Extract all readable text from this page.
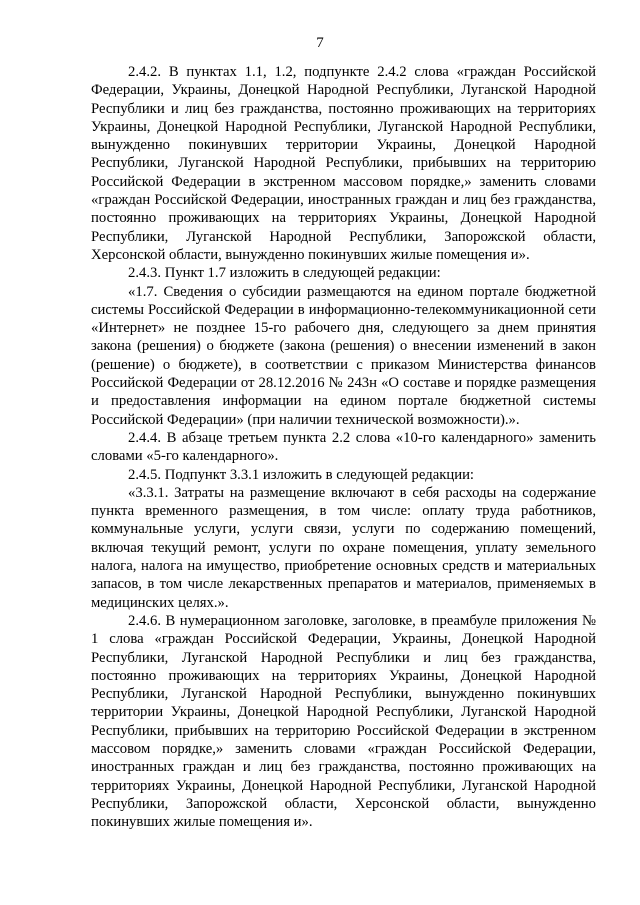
7

2.4.2. В пунктах 1.1, 1.2, подпункте 2.4.2 слова «граждан Российской Федерации, Украины, Донецкой Народной Республики, Луганской Народной Республики и лиц без гражданства, постоянно проживающих на территориях Украины, Донецкой Народной Республики, Луганской Народной Республики, вынужденно покинувших территории Украины, Донецкой Народной Республики, Луганской Народной Республики, прибывших на территорию Российской Федерации в экстренном массовом порядке,» заменить словами «граждан Российской Федерации, иностранных граждан и лиц без гражданства, постоянно проживающих на территориях Украины, Донецкой Народной Республики, Луганской Народной Республики, Запорожской области, Херсонской области, вынужденно покинувших жилые помещения и».

2.4.3. Пункт 1.7 изложить в следующей редакции:

«1.7. Сведения о субсидии размещаются на едином портале бюджетной системы Российской Федерации в информационно-телекоммуникационной сети «Интернет» не позднее 15-го рабочего дня, следующего за днем принятия закона (решения) о бюджете (закона (решения) о внесении изменений в закон (решение) о бюджете), в соответствии с приказом Министерства финансов Российской Федерации от 28.12.2016 № 243н «О составе и порядке размещения и предоставления информации на едином портале бюджетной системы Российской Федерации» (при наличии технической возможности).».

2.4.4. В абзаце третьем пункта 2.2 слова «10-го календарного» заменить словами «5-го календарного».

2.4.5. Подпункт 3.3.1 изложить в следующей редакции:

«3.3.1. Затраты на размещение включают в себя расходы на содержание пункта временного размещения, в том числе: оплату труда работников, коммунальные услуги, услуги связи, услуги по содержанию помещений, включая текущий ремонт, услуги по охране помещения, уплату земельного налога, налога на имущество, приобретение основных средств и материальных запасов, в том числе лекарственных препаратов и материалов, применяемых в медицинских целях.».

2.4.6. В нумерационном заголовке, заголовке, в преамбуле приложения № 1 слова «граждан Российской Федерации, Украины, Донецкой Народной Республики, Луганской Народной Республики и лиц без гражданства, постоянно проживающих на территориях Украины, Донецкой Народной Республики, Луганской Народной Республики, вынужденно покинувших территории Украины, Донецкой Народной Республики, Луганской Народной Республики, прибывших на территорию Российской Федерации в экстренном массовом порядке,» заменить словами «граждан Российской Федерации, иностранных граждан и лиц без гражданства, постоянно проживающих на территориях Украины, Донецкой Народной Республики, Луганской Народной Республики, Запорожской области, Херсонской области, вынужденно покинувших жилые помещения и».
